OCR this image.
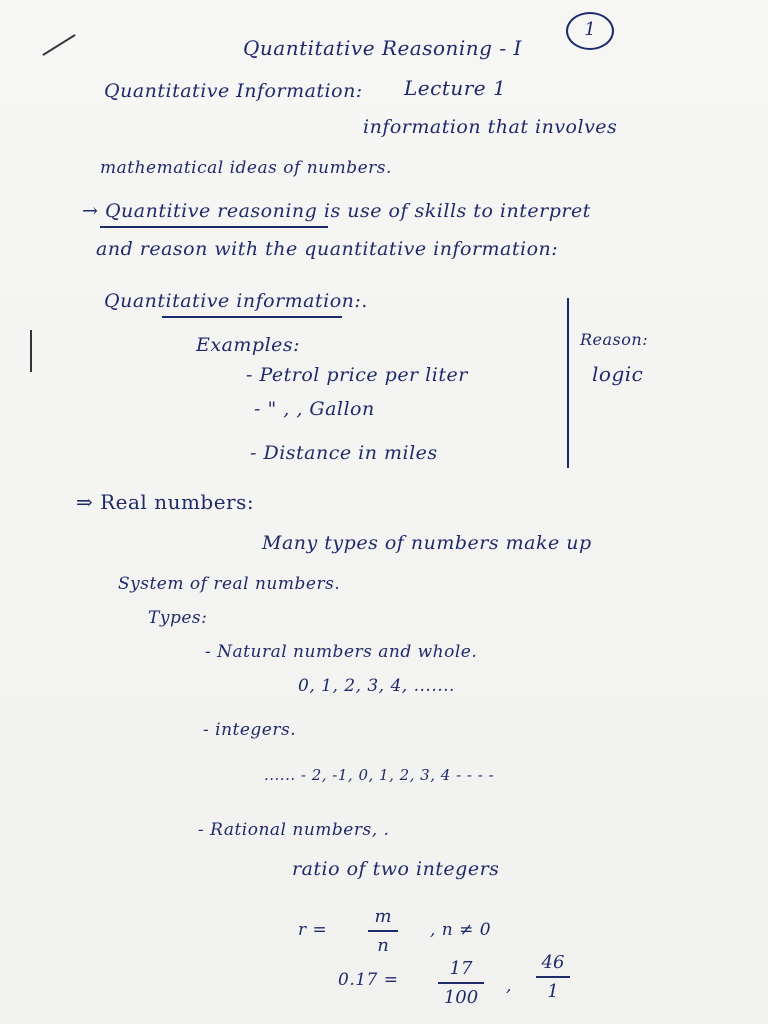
Quantitative Reasoning - I
1
Quantitative Information: Lecture 1
information that involves
mathematical ideas of numbers.
→ Quantitive reasoning is use of skills to interpret
and reason with the quantitative information:
Quantitative information:.
Examples:
- Petrol price per liter
- " , , Gallon
- Distance in miles
Reason:
logic
⇒ Real numbers:
Many types of numbers make up
System of real numbers.
Types:
- Natural numbers and whole.
0, 1, 2, 3, 4, .......
- integers.
...... - 2, -1, 0, 1, 2, 3, 4 - - - -
- Rational numbers, .
ratio of two integers
r =
m
n
, n ≠ 0
0.17 =
17
100
,
46
1
